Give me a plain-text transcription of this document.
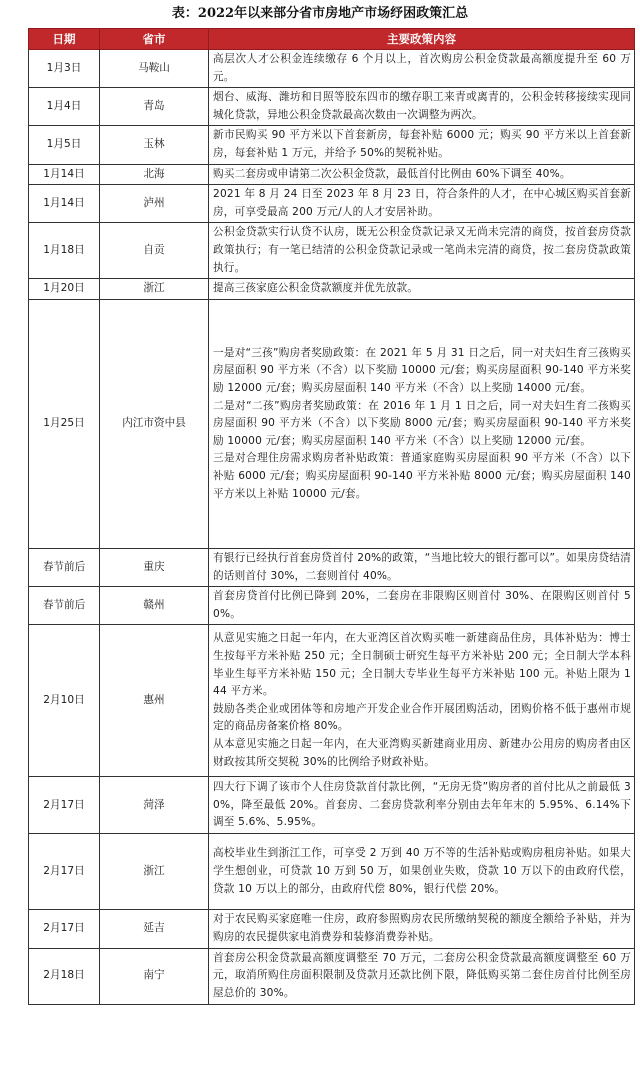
表：2022年以来部分省市房地产市场纾困政策汇总
日期	省市	主要政策内容
1月3日	马鞍山	高层次人才公积金连续缴存 6 个月以上，首次购房公积金贷款最高额度提升至 60 万元。

1月4日	青岛	烟台、威海、潍坊和日照等胶东四市的缴存职工来青或离青的，公积金转移接续实现同城化贷款，异地公积金贷款最高次数由一次调整为两次。

1月5日	玉林	新市民购买 90 平方米以下首套新房，每套补贴 6000 元；购买 90 平方米以上首套新房，每套补贴 1 万元，并给予 50%的契税补贴。

1月14日	北海	购买二套房或申请第二次公积金贷款，最低首付比例由 60%下调至 40%。

1月14日	泸州	2021 年 8 月 24 日至 2023 年 8 月 23 日，符合条件的人才，在中心城区购买首套新房，可享受最高 200 万元/人的人才安居补助。

1月18日	自贡	公积金贷款实行认贷不认房，既无公积金贷款记录又无尚未完清的商贷，按首套房贷款政策执行；有一笔已结清的公积金贷款记录或一笔尚未完清的商贷，按二套房贷款政策执行。

1月20日	浙江	提高三孩家庭公积金贷款额度并优先放款。

1月25日	内江市资中县	一是对“三孩”购房者奖励政策：在 2021 年 5 月 31 日之后，同一对夫妇生育三孩购买房屋面积 90 平方米（不含）以下奖励 10000 元/套；购买房屋面积 90-140 平方米奖励 12000 元/套；购买房屋面积 140 平方米（不含）以上奖励 14000 元/套。

二是对“二孩”购房者奖励政策：在 2016 年 1 月 1 日之后，同一对夫妇生育二孩购买房屋面积 90 平方米（不含）以下奖励 8000 元/套；购买房屋面积 90-140 平方米奖励 10000 元/套；购买房屋面积 140 平方米（不含）以上奖励 12000 元/套。

三是对合理住房需求购房者补贴政策：普通家庭购买房屋面积 90 平方米（不含）以下补贴 6000 元/套；购买房屋面积 90-140 平方米补贴 8000 元/套；购买房屋面积 140 平方米以上补贴 10000 元/套。

春节前后	重庆	有银行已经执行首套房贷首付 20%的政策，“当地比较大的银行都可以”。如果房贷结清的话则首付 30%，二套则首付 40%。

春节前后	赣州	首套房贷首付比例已降到 20%，二套房在非限购区则首付 30%、在限购区则首付 50%。

2月10日	惠州	从意见实施之日起一年内，在大亚湾区首次购买唯一新建商品住房，具体补贴为：博士生按每平方米补贴 250 元；全日制硕士研究生每平方米补贴 200 元；全日制大学本科毕业生每平方米补贴 150 元；全日制大专毕业生每平方米补贴 100 元。补贴上限为 144 平方米。

鼓励各类企业或团体等和房地产开发企业合作开展团购活动，团购价格不低于惠州市规定的商品房备案价格 80%。

从本意见实施之日起一年内，在大亚湾购买新建商业用房、新建办公用房的购房者由区财政按其所交契税 30%的比例给予财政补贴。

2月17日	菏泽	四大行下调了该市个人住房贷款首付款比例，“无房无贷”购房者的首付比从之前最低 30%，降至最低 20%。首套房、二套房贷款利率分别由去年年末的 5.95%、6.14%下调至 5.6%、5.95%。

2月17日	浙江	高校毕业生到浙江工作，可享受 2 万到 40 万不等的生活补贴或购房租房补贴。如果大学生想创业，可贷款 10 万到 50 万，如果创业失败，贷款 10 万以下的由政府代偿，贷款 10 万以上的部分，由政府代偿 80%，银行代偿 20%。

2月17日	延吉	对于农民购买家庭唯一住房，政府参照购房农民所缴纳契税的额度全额给予补贴，并为购房的农民提供家电消费券和装修消费券补贴。

2月18日	南宁	首套房公积金贷款最高额度调整至 70 万元，二套房公积金贷款最高额度调整至 60 万元，取消所购住房面积限制及贷款月还款比例下限，降低购买第二套住房首付比例至房屋总价的 30%。
